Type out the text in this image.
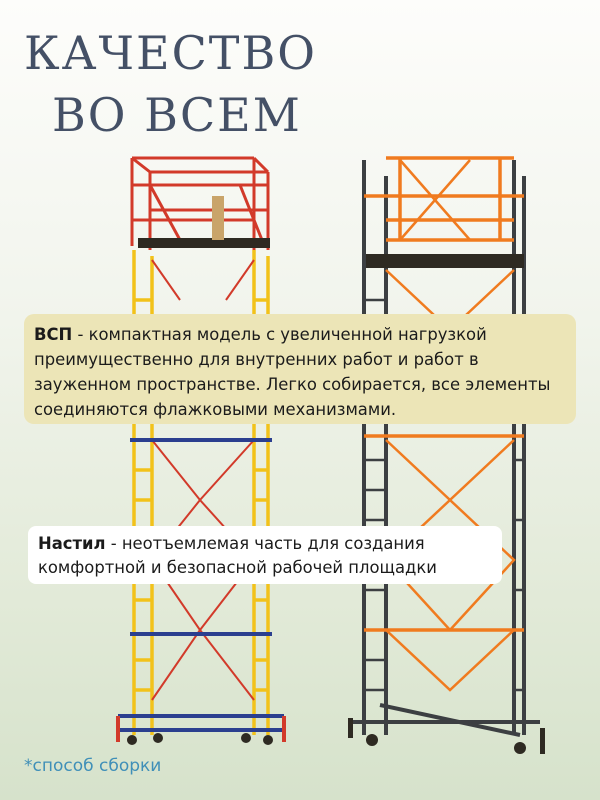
КАЧЕСТВО
ВО ВСЕМ
ВСП - компактная модель с увеличенной нагрузкой преимущественно для внутренних работ и работ в зауженном пространстве. Легко собирается, все элементы соединяются флажковыми механизмами.
Настил - неотъемлемая часть для создания комфортной и безопасной рабочей площадки
*способ сборки
